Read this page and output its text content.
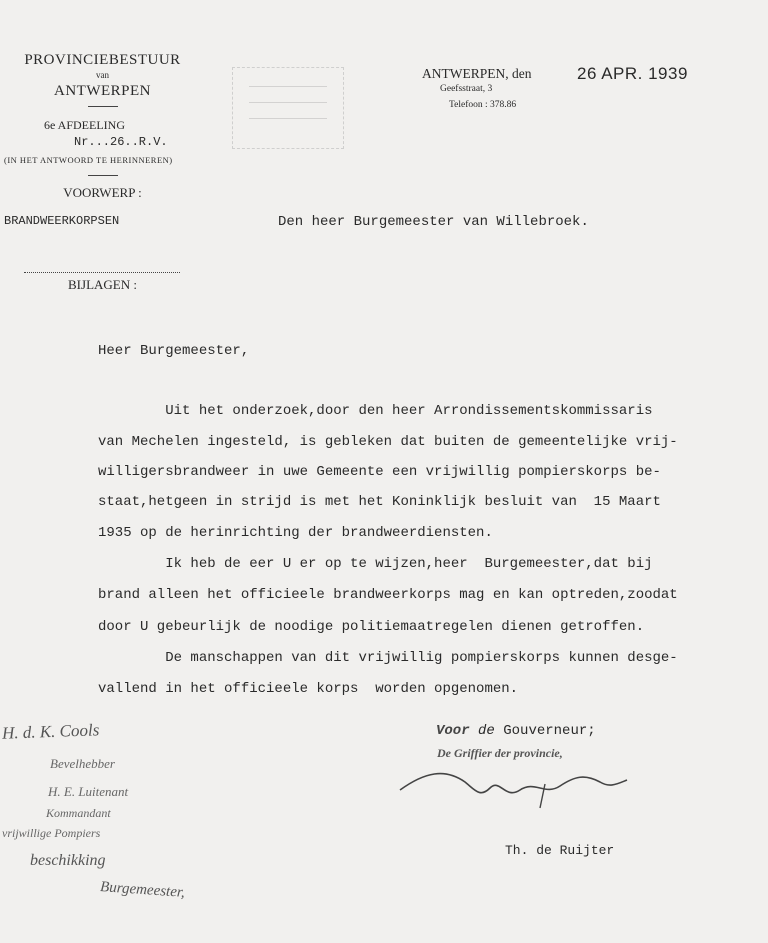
PROVINCIEBESTUUR
van
ANTWERPEN
6e AFDEELING
Nr...26..R.V.
(IN HET ANTWOORD TE HERINNEREN)
VOORWERP :
BRANDWEERKORPSEN
BIJLAGEN :
ANTWERPEN, den	26 APR. 1939
Geefsstraat, 3
Telefoon : 378.86
Den heer Burgemeester van Willebroek.
Heer Burgemeester,
Uit het onderzoek,door den heer Arrondissementskommissaris
van Mechelen ingesteld, is gebleken dat buiten de gemeentelijke vrij-
willigersbrandweer in uwe Gemeente een vrijwillig pompierskorps be-
staat,hetgeen in strijd is met het Koninklijk besluit van  15 Maart
1935 op de herinrichting der brandweerdiensten.
Ik heb de eer U er op te wijzen,heer  Burgemeester,dat bij
brand alleen het officieele brandweerkorps mag en kan optreden,zoodat
door U gebeurlijk de noodige politiemaatregelen dienen getroffen.
De manschappen van dit vrijwillig pompierskorps kunnen desge-
vallend in het officieele korps  worden opgenomen.
Voor de Gouverneur;
De Griffier der provincie,
Th. de Ruijter
H. d. K. Cools
Bevelhebber
H. E. Luitenant
Kommandant
vrijwillige Pompiers
beschikking
Burgemeester,
